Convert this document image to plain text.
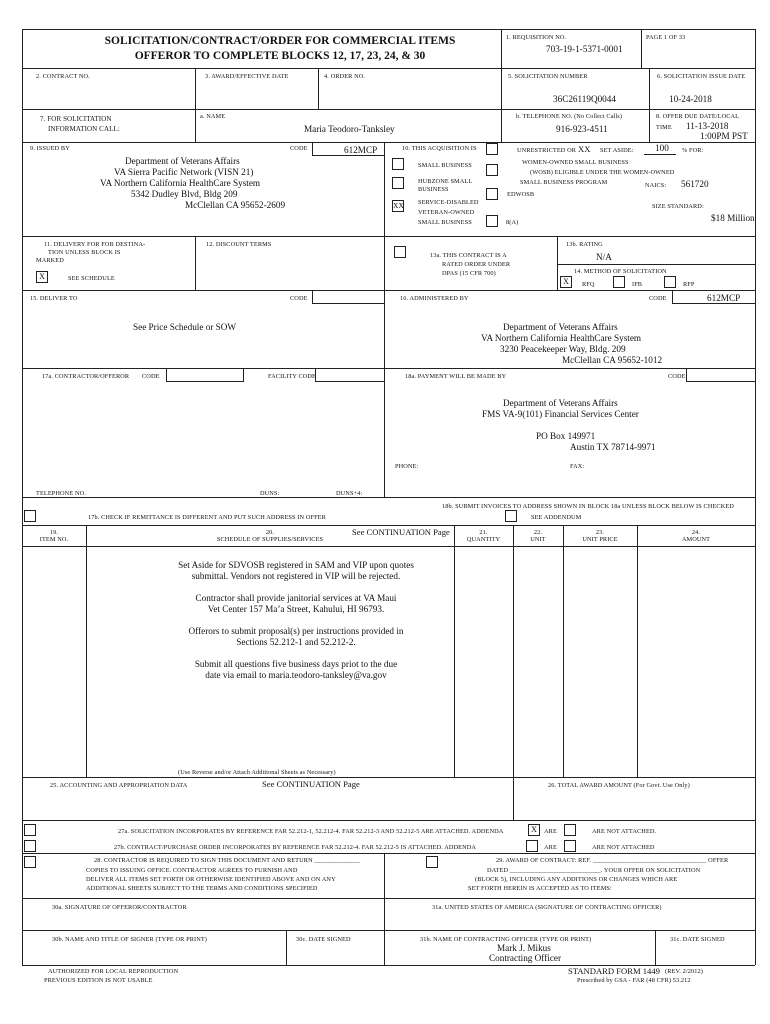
SOLICITATION/CONTRACT/ORDER FOR COMMERCIAL ITEMS
OFFEROR TO COMPLETE BLOCKS 12, 17, 23, 24, & 30
1. REQUISITION NO.
703-19-1-5371-0001
PAGE 1 OF 33
2. CONTRACT NO.	3. AWARD/EFFECTIVE DATE	4. ORDER NO.	5. SOLICITATION NUMBER
36C26119Q0044
6. SOLICITATION ISSUE DATE
10-24-2018
7. FOR SOLICITATION
INFORMATION CALL:
a. NAME
Maria Teodoro-Tanksley
b. TELEPHONE NO. (No Collect Calls)
916-923-4511
8. OFFER DUE DATE/LOCAL
TIME 11-13-2018
1:00PM PST
9. ISSUED BY	CODE	612MCP
Department of Veterans Affairs
VA Sierra Pacific Network (VISN 21)
VA Northern California HealthCare System
5342 Dudley Blvd, Bldg 209
McClellan CA 95652-2609
10. THIS ACQUISITION IS	UNRESTRICTED OR XX SET ASIDE: 100 % FOR:
SMALL BUSINESS
HUBZONE SMALL
BUSINESS
XX SERVICE-DISABLED
VETERAN-OWNED
SMALL BUSINESS
WOMEN-OWNED SMALL BUSINESS
(WOSB) ELIGIBLE UNDER THE WOMEN-OWNED
SMALL BUSINESS PROGRAM
EDWOSB
8(A)
NAICS: 561720
SIZE STANDARD:
$18 Million
11. DELIVERY FOR FOB DESTINA-
TION UNLESS BLOCK IS
MARKED
X	SEE SCHEDULE
12. DISCOUNT TERMS
13a. THIS CONTRACT IS A
RATED ORDER UNDER
DPAS (15 CFR 700)
13b. RATING
N/A
14. METHOD OF SOLICITATION
X	RFQ	IFB	RFP
15. DELIVER TO	CODE
See Price Schedule or SOW
16. ADMINISTERED BY	CODE	612MCP
Department of Veterans Affairs
VA Northern California HealthCare System
3230 Peacekeeper Way, Bldg. 209
McClellan CA 95652-1012
17a. CONTRACTOR/OFFEROR CODE	FACILITY CODE	18a. PAYMENT WILL BE MADE BY	CODE
Department of Veterans Affairs
FMS VA-9(101) Financial Services Center
PO Box 149971
Austin TX 78714-9971
PHONE:	FAX:
TELEPHONE NO.	DUNS:	DUNS+4:
18b. SUBMIT INVOICES TO ADDRESS SHOWN IN BLOCK 18a UNLESS BLOCK BELOW IS CHECKED
SEE ADDENDUM
17b. CHECK IF REMITTANCE IS DIFFERENT AND PUT SUCH ADDRESS IN OFFER
19.
ITEM NO.
20.
SCHEDULE OF SUPPLIES/SERVICES
See CONTINUATION Page	21.
QUANTITY
22.
UNIT
23.
UNIT PRICE
24.
AMOUNT
Set Aside for SDVOSB registered in SAM and VIP upon quotes
submittal. Vendors not registered in VIP will be rejected.
Contractor shall provide janitorial services at VA Maui
Vet Center 157 Ma’a Street, Kahului, HI 96793.
Offerors to submit proposal(s) per instructions provided in
Sections 52.212-1 and 52.212-2.
Submit all questions five business days priot to the due
date via email to maria.teodoro-tanksley@va.gov
(Use Reverse and/or Attach Additional Sheets as Necessary)
25. ACCOUNTING AND APPROPRIATION DATA	See CONTINUATION Page	26. TOTAL AWARD AMOUNT (For Govt. Use Only)
27a. SOLICITATION INCORPORATES BY REFERENCE FAR 52.212-1, 52.212-4. FAR 52.212-3 AND 52.212-5 ARE ATTACHED. ADDENDA	X	ARE	ARE NOT ATTACHED.
27b. CONTRACT/PURCHASE ORDER INCORPORATES BY REFERENCE FAR 52.212-4. FAR 52.212-5 IS ATTACHED. ADDENDA	ARE	ARE NOT ATTACHED
28. CONTRACTOR IS REQUIRED TO SIGN THIS DOCUMENT AND RETURN ______________
COPIES TO ISSUING OFFICE. CONTRACTOR AGREES TO FURNISH AND
DELIVER ALL ITEMS SET FORTH OR OTHERWISE IDENTIFIED ABOVE AND ON ANY
ADDITIONAL SHEETS SUBJECT TO THE TERMS AND CONDITIONS SPECIFIED
29. AWARD OF CONTRACT: REF. ___________________________________ OFFER
DATED ____________________________. YOUR OFFER ON SOLICITATION
(BLOCK 5), INCLUDING ANY ADDITIONS OR CHANGES WHICH ARE
SET FORTH HEREIN IS ACCEPTED AS TO ITEMS:
30a. SIGNATURE OF OFFEROR/CONTRACTOR	31a. UNITED STATES OF AMERICA (SIGNATURE OF CONTRACTING OFFICER)
30b. NAME AND TITLE OF SIGNER (TYPE OR PRINT)	30c. DATE SIGNED	31b. NAME OF CONTRACTING OFFICER (TYPE OR PRINT)
Mark J. Mikus
Contracting Officer
31c. DATE SIGNED
AUTHORIZED FOR LOCAL REPRODUCTION
PREVIOUS EDITION IS NOT USABLE
STANDARD FORM 1449 (REV. 2/2012)
Prescribed by GSA - FAR (48 CFR) 53.212
